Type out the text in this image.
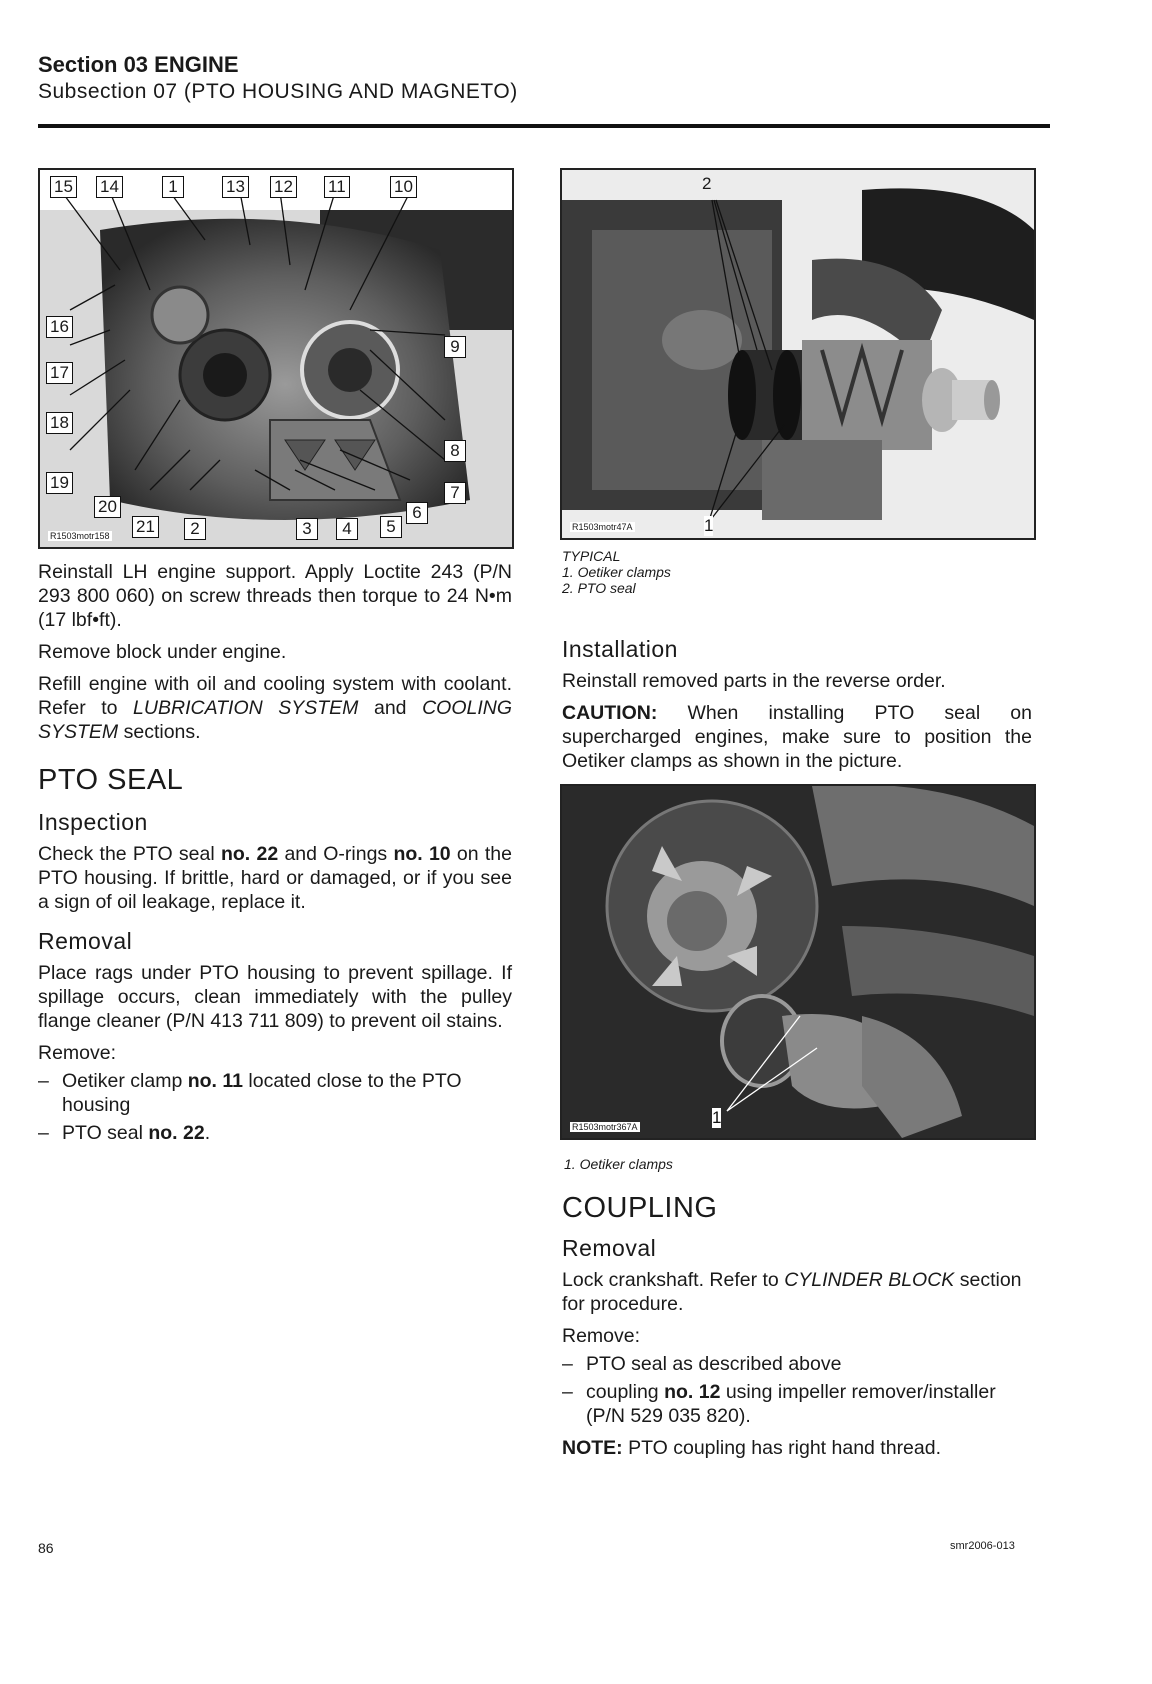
Section 03 ENGINE
Subsection 07 (PTO HOUSING AND MAGNETO)
15 14	1	13 12 11	10
16
9
17
18
8
7
19
6
20
21	2	3	4	5
R1503motr158

Reinstall LH engine support. Apply Loctite 243 (P/N 293 800 060) on screw threads then torque to 24 N•m (17 lbf•ft).

Remove block under engine.

Refill engine with oil and cooling system with coolant. Refer to LUBRICATION SYSTEM and COOLING SYSTEM sections.

PTO SEAL
Inspection

Check the PTO seal no. 22 and O-rings no. 10 on the PTO housing. If brittle, hard or damaged, or if you see a sign of oil leakage, replace it.

Removal

Place rags under PTO housing to prevent spillage. If spillage occurs, clean immediately with the pulley flange cleaner (P/N 413 711 809) to prevent oil stains.

Remove:

– Oetiker clamp no. 11 located close to the PTO housing
– PTO seal no. 22.
2
1
R1503motr47A
TYPICAL
1. Oetiker clamps
2. PTO seal
Installation

Reinstall removed parts in the reverse order.

CAUTION: When installing PTO seal on supercharged engines, make sure to position the Oetiker clamps as shown in the picture.

1
R1503motr367A
1. Oetiker clamps
COUPLING
Removal

Lock crankshaft. Refer to CYLINDER BLOCK section for procedure.

Remove:

– PTO seal as described above
– coupling no. 12 using impeller remover/installer (P/N 529 035 820).

NOTE: PTO coupling has right hand thread.

86	smr2006-013
